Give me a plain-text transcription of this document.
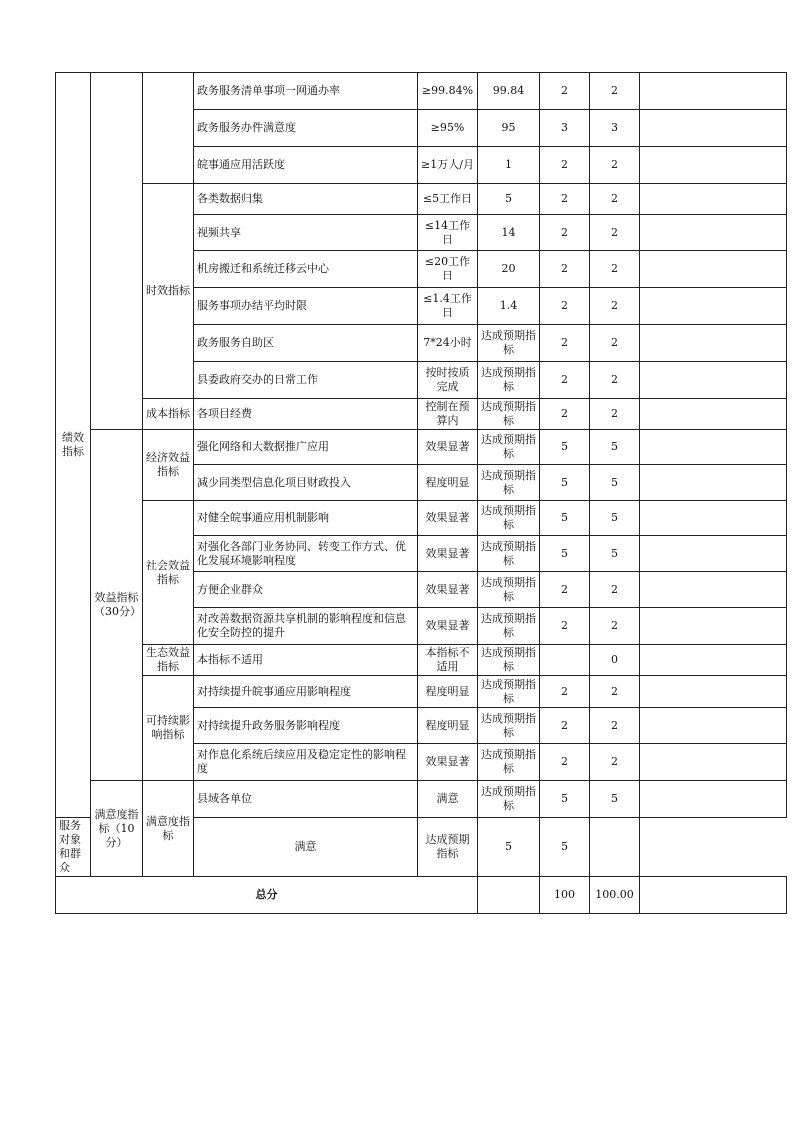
绩效指标			政务服务清单事项一网通办率	≥99.84%	99.84	2	2	
			政务服务办件满意度	≥95%	95	3	3	
			皖事通应用活跃度	≥1万人/月	1	2	2	
		时效指标	各类数据归集	≤5工作日	5	2	2	
			视频共享	≤14工作日	14	2	2	
			机房搬迁和系统迁移云中心	≤20工作日	20	2	2	
			服务事项办结平均时限	≤1.4工作日	1.4	2	2	
			政务服务自助区	7*24小时	达成预期指标	2	2	
			县委政府交办的日常工作	按时按质完成	达成预期指标	2	2	
		成本指标	各项目经费	控制在预算内	达成预期指标	2	2	
	效益指标（30分）	经济效益指标	强化网络和大数据推广应用	效果显著	达成预期指标	5	5	
			减少同类型信息化项目财政投入	程度明显	达成预期指标	5	5	
		社会效益指标	对健全皖事通应用机制影响	效果显著	达成预期指标	5	5	
			对强化各部门业务协同、转变工作方式、优化发展环境影响程度	效果显著	达成预期指标	5	5	
			方便企业群众	效果显著	达成预期指标	2	2	
			对改善数据资源共享机制的影响程度和信息化安全防控的提升	效果显著	达成预期指标	2	2	
		生态效益指标	本指标不适用	本指标不适用	达成预期指标		0	
		可持续影响指标	对持续提升皖事通应用影响程度	程度明显	达成预期指标	2	2	
			对持续提升政务服务影响程度	程度明显	达成预期指标	2	2	
			对作息化系统后续应用及稳定定性的影响程度	效果显著	达成预期指标	2	2	
	满意度指标（10分）	满意度指标	县域各单位	满意	达成预期指标	5	5	
服务对象和群众			满意	达成预期指标	5	5		
总分						100	100.00	
